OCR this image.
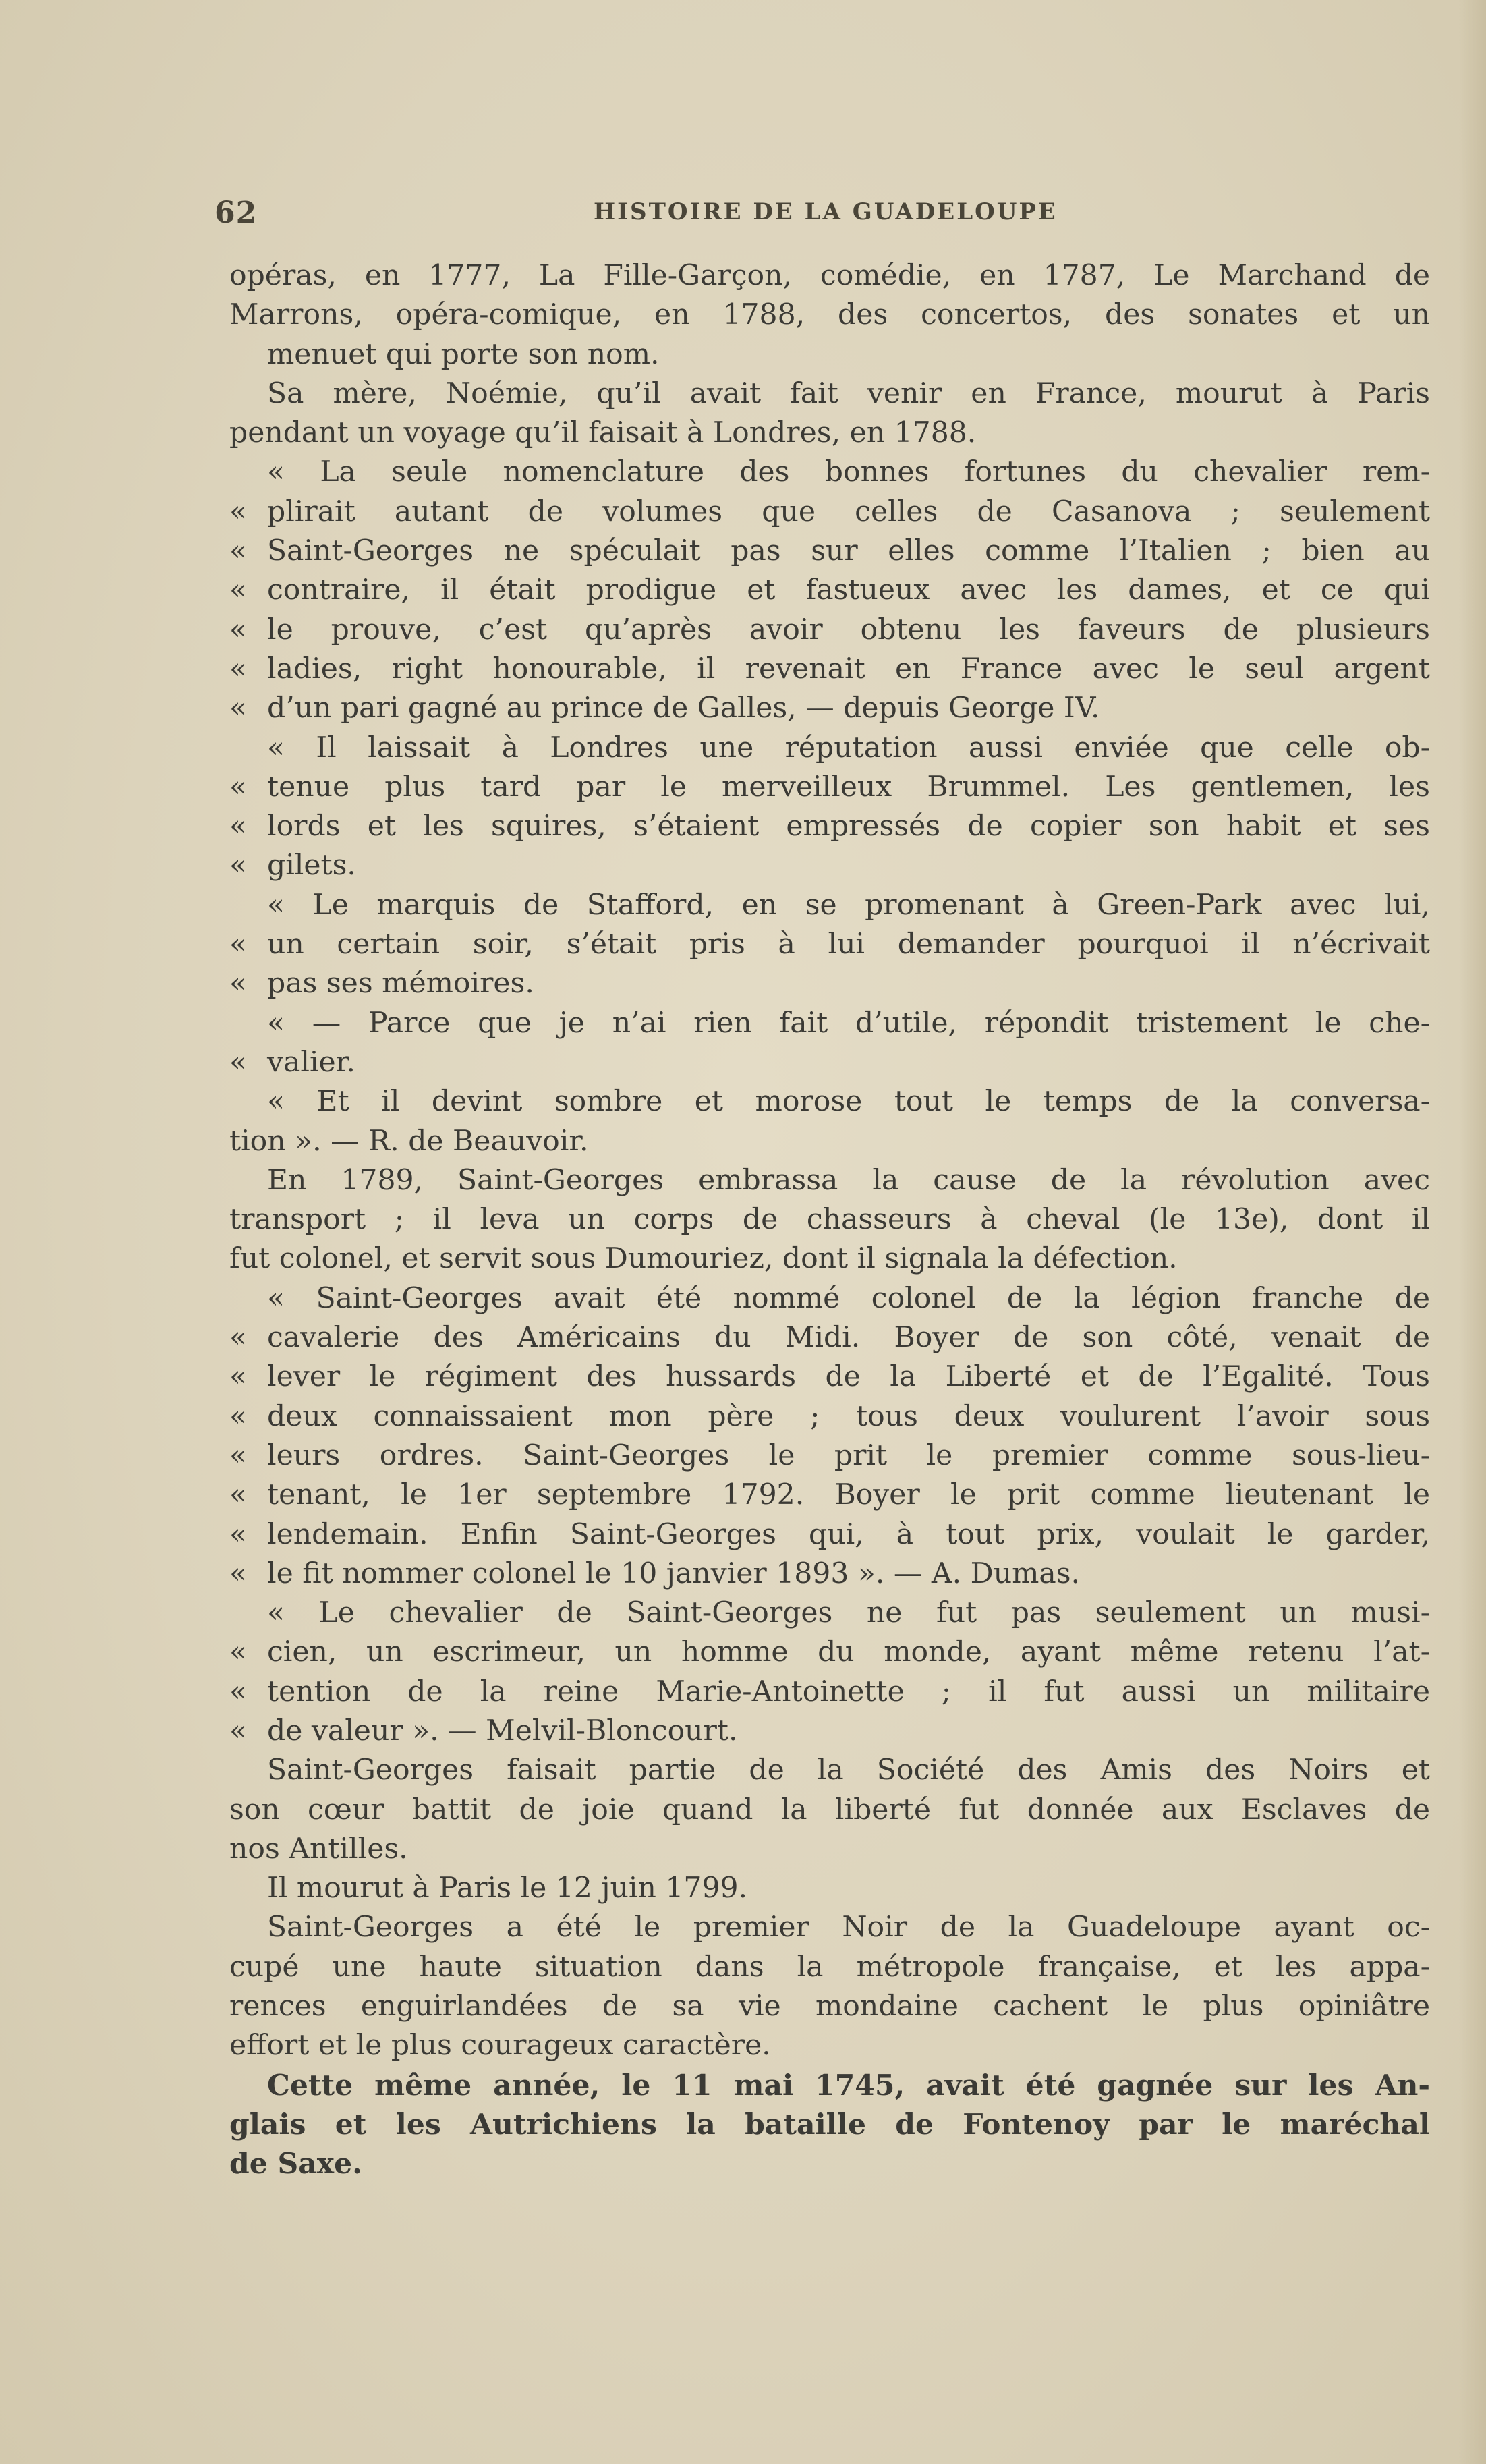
62	HISTOIRE DE LA GUADELOUPE
opéras, en 1777, La Fille-Garçon, comédie, en 1787, Le Marchand de
Marrons, opéra-comique, en 1788, des concertos, des sonates et un
menuet qui porte son nom.
Sa mère, Noémie, qu’il avait fait venir en France, mourut à Paris
pendant un voyage qu’il faisait à Londres, en 1788.
« La seule nomenclature des bonnes fortunes du chevalier rem-
« plirait autant de volumes que celles de Casanova ; seulement
« Saint-Georges ne spéculait pas sur elles comme l’Italien ; bien au
« contraire, il était prodigue et fastueux avec les dames, et ce qui
« le prouve, c’est qu’après avoir obtenu les faveurs de plusieurs
« ladies, right honourable, il revenait en France avec le seul argent
« d’un pari gagné au prince de Galles, — depuis George IV.
« Il laissait à Londres une réputation aussi enviée que celle ob-
« tenue plus tard par le merveilleux Brummel. Les gentlemen, les
« lords et les squires, s’étaient empressés de copier son habit et ses
« gilets.
« Le marquis de Stafford, en se promenant à Green-Park avec lui,
« un certain soir, s’était pris à lui demander pourquoi il n’écrivait
« pas ses mémoires.
« — Parce que je n’ai rien fait d’utile, répondit tristement le che-
« valier.
« Et il devint sombre et morose tout le temps de la conversa-
tion ». — R. de Beauvoir.
En 1789, Saint-Georges embrassa la cause de la révolution avec
transport ; il leva un corps de chasseurs à cheval (le 13e), dont il
fut colonel, et servit sous Dumouriez, dont il signala la défection.
« Saint-Georges avait été nommé colonel de la légion franche de
« cavalerie des Américains du Midi. Boyer de son côté, venait de
« lever le régiment des hussards de la Liberté et de l’Egalité. Tous
« deux connaissaient mon père ; tous deux voulurent l’avoir sous
« leurs ordres. Saint-Georges le prit le premier comme sous-lieu-
« tenant, le 1er septembre 1792. Boyer le prit comme lieutenant le
« lendemain. Enfin Saint-Georges qui, à tout prix, voulait le garder,
« le fit nommer colonel le 10 janvier 1893 ». — A. Dumas.
« Le chevalier de Saint-Georges ne fut pas seulement un musi-
« cien, un escrimeur, un homme du monde, ayant même retenu l’at-
« tention de la reine Marie-Antoinette ; il fut aussi un militaire
« de valeur ». — Melvil-Bloncourt.
Saint-Georges faisait partie de la Société des Amis des Noirs et
son cœur battit de joie quand la liberté fut donnée aux Esclaves de
nos Antilles.
Il mourut à Paris le 12 juin 1799.
Saint-Georges a été le premier Noir de la Guadeloupe ayant oc-
cupé une haute situation dans la métropole française, et les appa-
rences enguirlandées de sa vie mondaine cachent le plus opiniâtre
effort et le plus courageux caractère.
Cette même année, le 11 mai 1745, avait été gagnée sur les An-
glais et les Autrichiens la bataille de Fontenoy par le maréchal
de Saxe.
